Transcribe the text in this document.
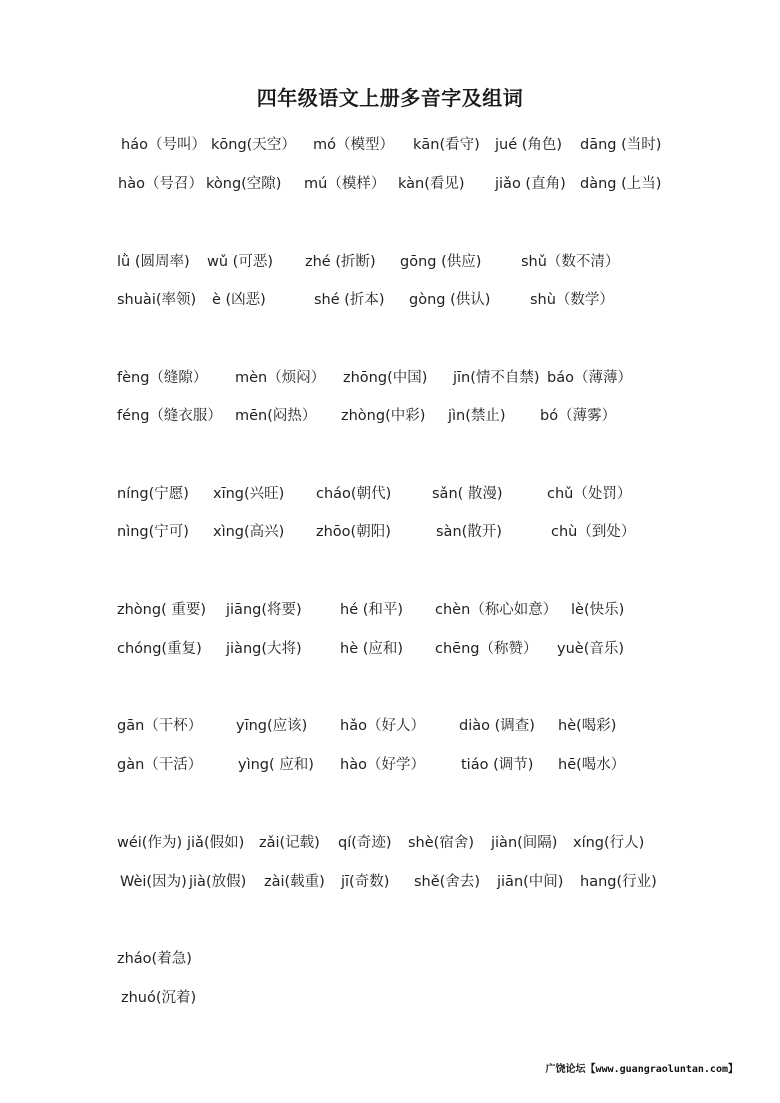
四年级语文上册多音字及组词
háo（号叫） kōng(天空） mó（模型） kān(看守) jué (角色) dāng (当时)
hào（号召） kòng(空隙) mú（模样） kàn(看见) jiǎo (直角) dàng (上当)
lǜ (圆周率) wǔ (可恶) zhé (折断) gōng (供应)	shǔ（数不清）
shuài(率领) è (凶恶)	shé (折本) gòng (供认)	shù（数学）
fèng（缝隙） mèn（烦闷） zhōng(中国) jīn(情不自禁) báo（薄薄）
féng（缝衣服） mēn(闷热） zhòng(中彩) jìn(禁止) bó（薄雾）
níng(宁愿) xīng(兴旺) cháo(朝代)	sǎn( 散漫)	chǔ（处罚）
nìng(宁可) xìng(高兴) zhōo(朝阳)	sàn(散开)	chù（到处）
zhòng( 重要) jiāng(将要)	hé (和平) chèn（称心如意） lè(快乐)
chóng(重复) jiàng(大将)	hè (应和) chēng（称赞） yuè(音乐)
gān（干杯） yīng(应该) hǎo（好人） diào (调查) hè(喝彩)
gàn（干活） yìng( 应和) hào（好学） tiáo (调节) hē(喝水）
wéi(作为) jiǎ(假如) zǎi(记载) qí(奇迹) shè(宿舍) jiàn(间隔) xíng(行人)
Wèi(因为) jià(放假) zài(载重) jī(奇数) shě(舍去) jiān(中间) hang(行业)
zháo(着急)
zhuó(沉着)
广饶论坛【www.guangraoluntan.com】
